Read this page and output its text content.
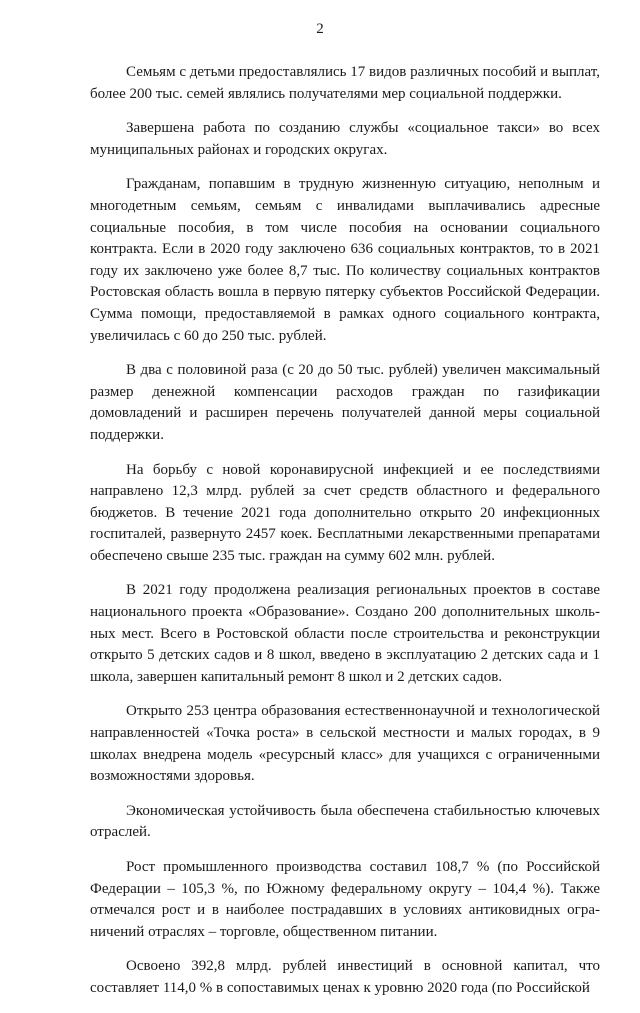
2

Семьям с детьми предоставлялись 17 видов различных пособий и выплат, более 200 тыс. семей являлись получателями мер социальной поддержки.

Завершена работа по созданию службы «социальное такси» во всех муниципальных районах и городских округах.

Гражданам, попавшим в трудную жизненную ситуацию, неполным и многодетным семьям, семьям с инвалидами выплачивались адресные социальные пособия, в том числе пособия на основании социального контракта. Если в 2020 году заключено 636 социальных контрактов, то в 2021 году их заключено уже более 8,7 тыс. По количеству социальных контрактов Ростовская область вошла в первую пятерку субъектов Российской Федерации. Сумма помощи, предоставляемой в рамках одного социального контракта, увеличилась с 60 до 250 тыс. рублей.

В два с половиной раза (с 20 до 50 тыс. рублей) увеличен максимальный размер денежной компенсации расходов граждан по газификации домовладений и расширен перечень получателей данной меры социальной поддержки.

На борьбу с новой коронавирусной инфекцией и ее последствиями направлено 12,3 млрд. рублей за счет средств областного и федерального бюджетов. В течение 2021 года дополнительно открыто 20 инфекционных госпиталей, развернуто 2457 коек. Бесплатными лекарственными препаратами обеспечено свыше 235 тыс. граждан на сумму 602 млн. рублей.

В 2021 году продолжена реализация региональных проектов в составе национального проекта «Образование». Создано 200 дополнительных школьных мест. Всего в Ростовской области после строительства и реконструкции открыто 5 детских садов и 8 школ, введено в эксплуатацию 2 детских сада и 1 школа, завершен капитальный ремонт 8 школ и 2 детских садов.

Открыто 253 центра образования естественнонаучной и технологической направленностей «Точка роста» в сельской местности и малых городах, в 9 школах внедрена модель «ресурсный класс» для учащихся с ограниченными возможностями здоровья.

Экономическая устойчивость была обеспечена стабильностью ключевых отраслей.

Рост промышленного производства составил 108,7 % (по Российской Федерации – 105,3 %, по Южному федеральному округу – 104,4 %). Также отмечался рост и в наиболее пострадавших в условиях антиковидных ограничений отраслях – торговле, общественном питании.

Освоено 392,8 млрд. рублей инвестиций в основной капитал, что составляет 114,0 % в сопоставимых ценах к уровню 2020 года (по Российской
